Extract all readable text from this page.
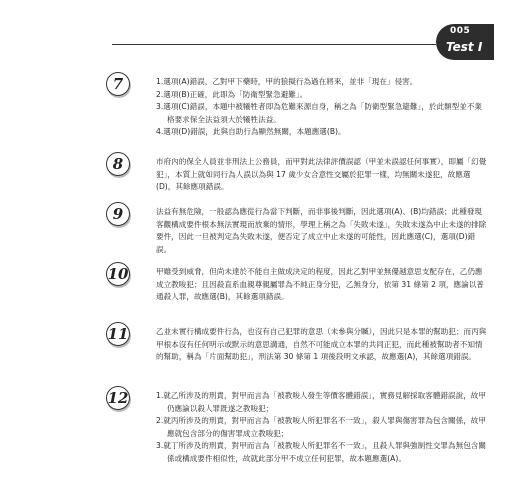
005
Test I
7	1.選項(A)錯誤，乙對甲下藥時，甲的狼擬行為過在將來，並非「現在」侵害。

2.選項(B)正確，此即為「防衛型緊急避難」。

3.選項(C)錯誤，本題中被犧牲者即為危難來源自身，稱之為「防衛型緊急避難」，於此類型並不業格要求保全法益須大於犧牲法益。

4.選項(D)錯誤，此與自助行為顯然無關，本題應選(B)。

8	市府內的保全人員並非刑法上公務員，而甲對此法律評價誤認（甲並未誤認任何事實），即屬「幻覺犯」，本質上就如同行為人誤以為與 17 歲少女合意性交屬於犯罪一樣，均無關未遂犯，故應選(D)，其餘應項錯誤。

9	法益有無危險，一般認為應從行為當下判斷，而非事後判斷，因此選項(A)、(B)均錯誤；此種發現客觀構成要件根本無法實現而放棄的情形，學理上稱之為「失敗未遂」，失敗未遂為中止未遂的排除要件，因此一旦被判定為失敗未遂，便否定了成立中止未遂的可能性，因此應選(C)，選項(D)錯誤。

10	甲雖受到威脅，但尚未達於不能自主做成決定的程度，因此乙對甲並無優越意思支配存在，乙仍應成立教唆犯；且因殺直系血親尊親屬罪為不純正身分犯，乙無身分，依第 31 條第 2 項，應論以普通殺人罪，故應選(B)，其餘選項錯誤。

11	乙並未實行構成要件行為，也沒有自己犯罪的意思（未參與分贓），因此只是本罪的幫助犯；而丙與甲根本沒有任何明示或默示的意思溝通，自然不可能成立本罪的共同正犯，而此種被幫助者不知情的幫助，稱為「片面幫助犯」，刑法第 30 條第 1 項後段明文承認，故應選(A)，其餘選項錯誤。

12	1.就乙所涉及的刑責，對甲而言為「被教唆人發生等價客體錯誤」，實務見解採取客體錯誤說，故甲仍應論以殺人罪既遂之教唆犯；

2.就丙所涉及的刑責，對甲而言為「被教唆人所犯罪名不一致」，殺人罪與傷害罪為包含關係，故甲應就包含部分的傷害罪成立教唆犯；

3.就丁所涉及的刑責，對甲而言為「被教唆人所犯罪名不一致」，且殺人罪與強制性交罪為無包含關係或構成要件相似性，故就此部分甲不成立任何犯罪，故本題應選(A)。
